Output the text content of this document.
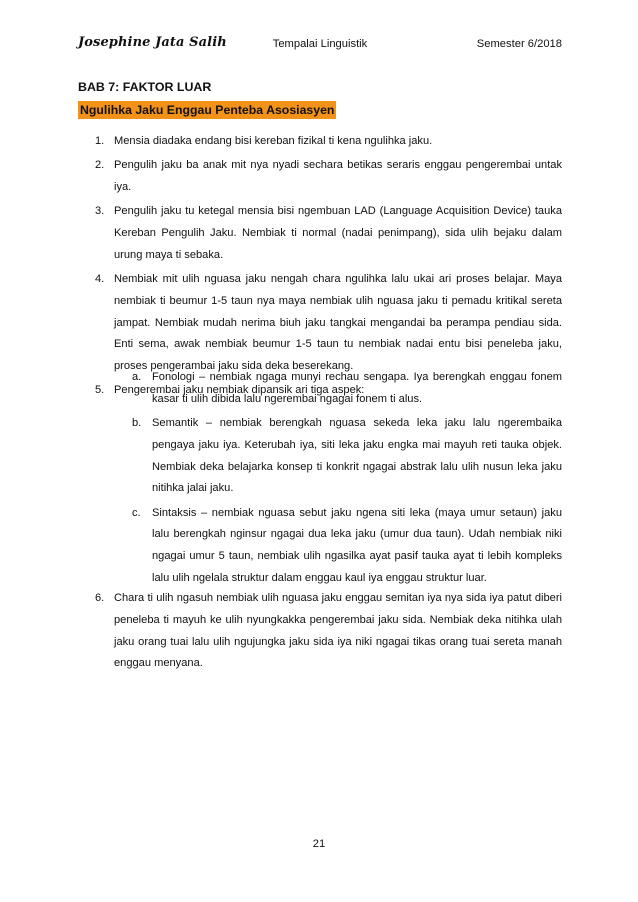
Josephine Jata Salih	Tempalai Linguistik	Semester 6/2018
BAB 7: FAKTOR LUAR
Ngulihka Jaku Enggau Penteba Asosiasyen
1. Mensia diadaka endang bisi kereban fizikal ti kena ngulihka jaku.
2. Pengulih jaku ba anak mit nya nyadi sechara betikas seraris enggau pengerembai untak iya.
3. Pengulih jaku tu ketegal mensia bisi ngembuan LAD (Language Acquisition Device) tauka Kereban Pengulih Jaku. Nembiak ti normal (nadai penimpang), sida ulih bejaku dalam urung maya ti sebaka.
4. Nembiak mit ulih nguasa jaku nengah chara ngulihka lalu ukai ari proses belajar. Maya nembiak ti beumur 1-5 taun nya maya nembiak ulih nguasa jaku ti pemadu kritikal sereta jampat. Nembiak mudah nerima biuh jaku tangkai mengandai ba perampa pendiau sida. Enti sema, awak nembiak beumur 1-5 taun tu nembiak nadai entu bisi peneleba jaku, proses pengerambai jaku sida deka beserekang.
5. Pengerembai jaku nembiak dipansik ari tiga aspek:
a. Fonologi – nembiak ngaga munyi rechau sengapa. Iya berengkah enggau fonem kasar ti ulih dibida lalu ngerembai ngagai fonem ti alus.
b. Semantik – nembiak berengkah nguasa sekeda leka jaku lalu ngerembaika pengaya jaku iya. Keterubah iya, siti leka jaku engka mai mayuh reti tauka objek. Nembiak deka belajarka konsep ti konkrit ngagai abstrak lalu ulih nusun leka jaku nitihka jalai jaku.
c. Sintaksis – nembiak nguasa sebut jaku ngena siti leka (maya umur setaun) jaku lalu berengkah nginsur ngagai dua leka jaku (umur dua taun). Udah nembiak niki ngagai umur 5 taun, nembiak ulih ngasilka ayat pasif tauka ayat ti lebih kompleks lalu ulih ngelala struktur dalam enggau kaul iya enggau struktur luar.
6. Chara ti ulih ngasuh nembiak ulih nguasa jaku enggau semitan iya nya sida iya patut diberi peneleba ti mayuh ke ulih nyungkakka pengerembai jaku sida. Nembiak deka nitihka ulah jaku orang tuai lalu ulih ngujungka jaku sida iya niki ngagai tikas orang tuai sereta manah enggau menyana.
21
